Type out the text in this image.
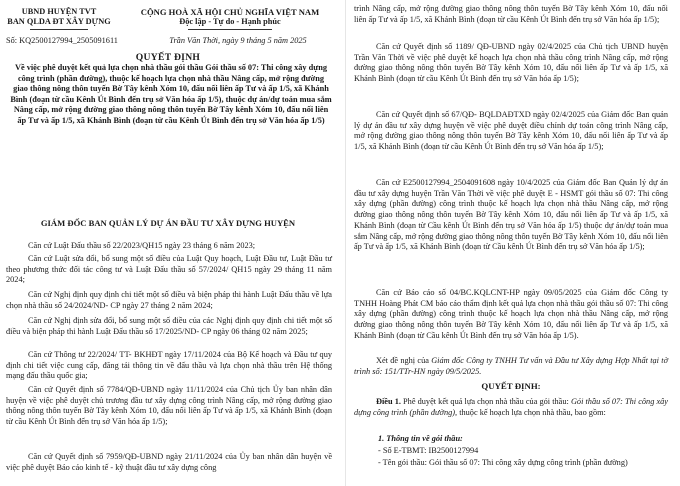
UBND HUYỆN TVT
BAN QLDA ĐT XÂY DỰNG
Số: KQ2500127994_2505091611
CỘNG HOÀ XÃ HỘI CHỦ NGHĨA VIỆT NAM
Độc lập - Tự do - Hạnh phúc
Trần Văn Thời, ngày 9 tháng 5 năm 2025
QUYẾT ĐỊNH
Về việc phê duyệt kết quả lựa chọn nhà thầu gói thầu Gói thầu số 07: Thi công xây dựng công trình (phần đường), thuộc kế hoạch lựa chọn nhà thầu Nâng cấp, mở rộng đường giao thông nông thôn tuyến Bờ Tây kênh Xóm 10, đấu nối liên ấp Tư và ấp 1/5, xã Khánh Bình (đoạn từ cầu Kênh Út Bình đến trụ sở Văn hóa ấp 1/5), thuộc dự án/dự toán mua sắm Nâng cấp, mở rộng đường giao thông nông thôn tuyến Bờ Tây kênh Xóm 10, đấu nối liên ấp Tư và ấp 1/5, xã Khánh Bình (đoạn từ cầu Kênh Út Bình đến trụ sở Văn hóa ấp 1/5)
GIÁM ĐỐC BAN QUẢN LÝ DỰ ÁN ĐẦU TƯ XÂY DỰNG HUYỆN

Căn cứ Luật Đấu thầu số 22/2023/QH15 ngày 23 tháng 6 năm 2023;

Căn cứ Luật sửa đổi, bổ sung một số điều của Luật Quy hoạch, Luật Đầu tư, Luật Đầu tư theo phương thức đối tác công tư và Luật Đấu thầu số 57/2024/ QH15 ngày 29 tháng 11 năm 2024;

Căn cứ Nghị định quy định chi tiết một số điều và biện pháp thi hành Luật Đấu thầu về lựa chọn nhà thầu số 24/2024/ND- CP ngày 27 tháng 2 năm 2024;

Căn cứ Nghị định sửa đổi, bổ sung một số điều của các Nghị định quy định chi tiết một số điều và biện pháp thi hành Luật Đấu thầu số 17/2025/ND- CP ngày 06 tháng 02 năm 2025;

Căn cứ Thông tư 22/2024/ TT- BKHĐT ngày 17/11/2024 của Bộ Kế hoạch và Đầu tư quy định chi tiết việc cung cấp, đăng tải thông tin về đấu thầu và lựa chọn nhà thầu trên Hệ thống mạng đấu thầu quốc gia;

Căn cứ Quyết định số 7784/QĐ-UBND ngày 11/11/2024 của Chủ tịch Ủy ban nhân dân huyện về việc phê duyệt chủ trương đầu tư xây dựng công trình Nâng cấp, mở rộng đường giao thông nông thôn tuyến Bờ Tây kênh Xóm 10, đấu nối liên ấp Tư và ấp 1/5, xã Khánh Bình (đoạn từ cầu Kênh Út Bình đến trụ sở Văn hóa ấp 1/5);

Căn cứ Quyết định số 7959/QĐ-UBND ngày 21/11/2024 của Ủy ban nhân dân huyện về việc phê duyệt Báo cáo kinh tế - kỹ thuật đầu tư xây dựng công

trình Nâng cấp, mở rộng đường giao thông nông thôn tuyến Bờ Tây kênh Xóm 10, đấu nối liên ấp Tư và ấp 1/5, xã Khánh Bình (đoạn từ cầu Kênh Út Bình đến trụ sở Văn hóa ấp 1/5);

Căn cứ Quyết định số 1189/ QĐ-UBND ngày 02/4/2025 của Chủ tịch UBND huyện Trần Văn Thời về việc phê duyệt kế hoạch lựa chọn nhà thầu công trình Nâng cấp, mở rộng đường giao thông nông thôn tuyến Bờ Tây kênh Xóm 10, đấu nối liên ấp Tư và ấp 1/5, xã Khánh Bình (đoạn từ cầu Kênh Út Bình đến trụ sở Văn hóa ấp 1/5);

Căn cứ Quyết định số 67/QĐ- BQLDAĐTXD ngày 02/4/2025 của Giám đốc Ban quản lý dự án đầu tư xây dựng huyện về việc phê duyệt điều chỉnh dự toán công trình Nâng cấp, mở rộng đường giao thông nông thôn tuyến Bờ Tây kênh Xóm 10, đấu nối liên ấp Tư và ấp 1/5, xã Khánh Bình (đoạn từ cầu Kênh Út Bình đến trụ sở Văn hóa ấp 1/5);

Căn cứ E2500127994_2504091608 ngày 10/4/2025 của Giám đốc Ban Quản lý dự án đầu tư xây dựng huyện Trần Văn Thời về việc phê duyệt E - HSMT gói thầu số 07: Thi công xây dựng (phần đường) công trình thuộc kế hoạch lựa chọn nhà thầu Nâng cấp, mở rộng đường giao thông nông thôn tuyến Bờ Tây kênh Xóm 10, đấu nối liên ấp Tư và ấp 1/5, xã Khánh Bình (đoạn từ Cầu kênh Út Bình đến trụ sở Văn hóa ấp 1/5) thuộc dự án/dự toán mua sắm Nâng cấp, mở rộng đường giao thông nông thôn tuyến Bờ Tây kênh Xóm 10, đấu nối liên ấp Tư và ấp 1/5, xã Khánh Bình (đoạn từ Cầu kênh Út Bình đến trụ sở Văn hóa ấp 1/5);

Căn cứ Báo cáo số 04/BC.KQLCNT-HP ngày 09/05/2025 của Giám đốc Công ty TNHH Hoàng Phát CM báo cáo thẩm định kết quả lựa chọn nhà thầu gói thầu số 07: Thi công xây dựng (phần đường) công trình thuộc kế hoạch lựa chọn nhà thầu Nâng cấp, mở rộng đường giao thông nông thôn tuyến Bờ Tây kênh Xóm 10, đấu nối liên ấp Tư và ấp 1/5, xã Khánh Bình (đoạn từ Cầu kênh Út Bình đến trụ sở Văn hóa ấp 1/5).

Xét đề nghị của Giám đốc Công ty TNHH Tư vấn và Đầu tư Xây dựng Hợp Nhất tại tờ trình số: 151/TTr-HN ngày 09/5/2025.

QUYẾT ĐỊNH:

Điều 1. Phê duyệt kết quả lựa chọn nhà thầu của gói thầu: Gói thầu số 07: Thi công xây dựng công trình (phần đường), thuộc kế hoạch lựa chọn nhà thầu, bao gồm:

1. Thông tin về gói thầu:

- Số E-TBMT: IB2500127994

- Tên gói thầu: Gói thầu số 07: Thi công xây dựng công trình (phần đường)
